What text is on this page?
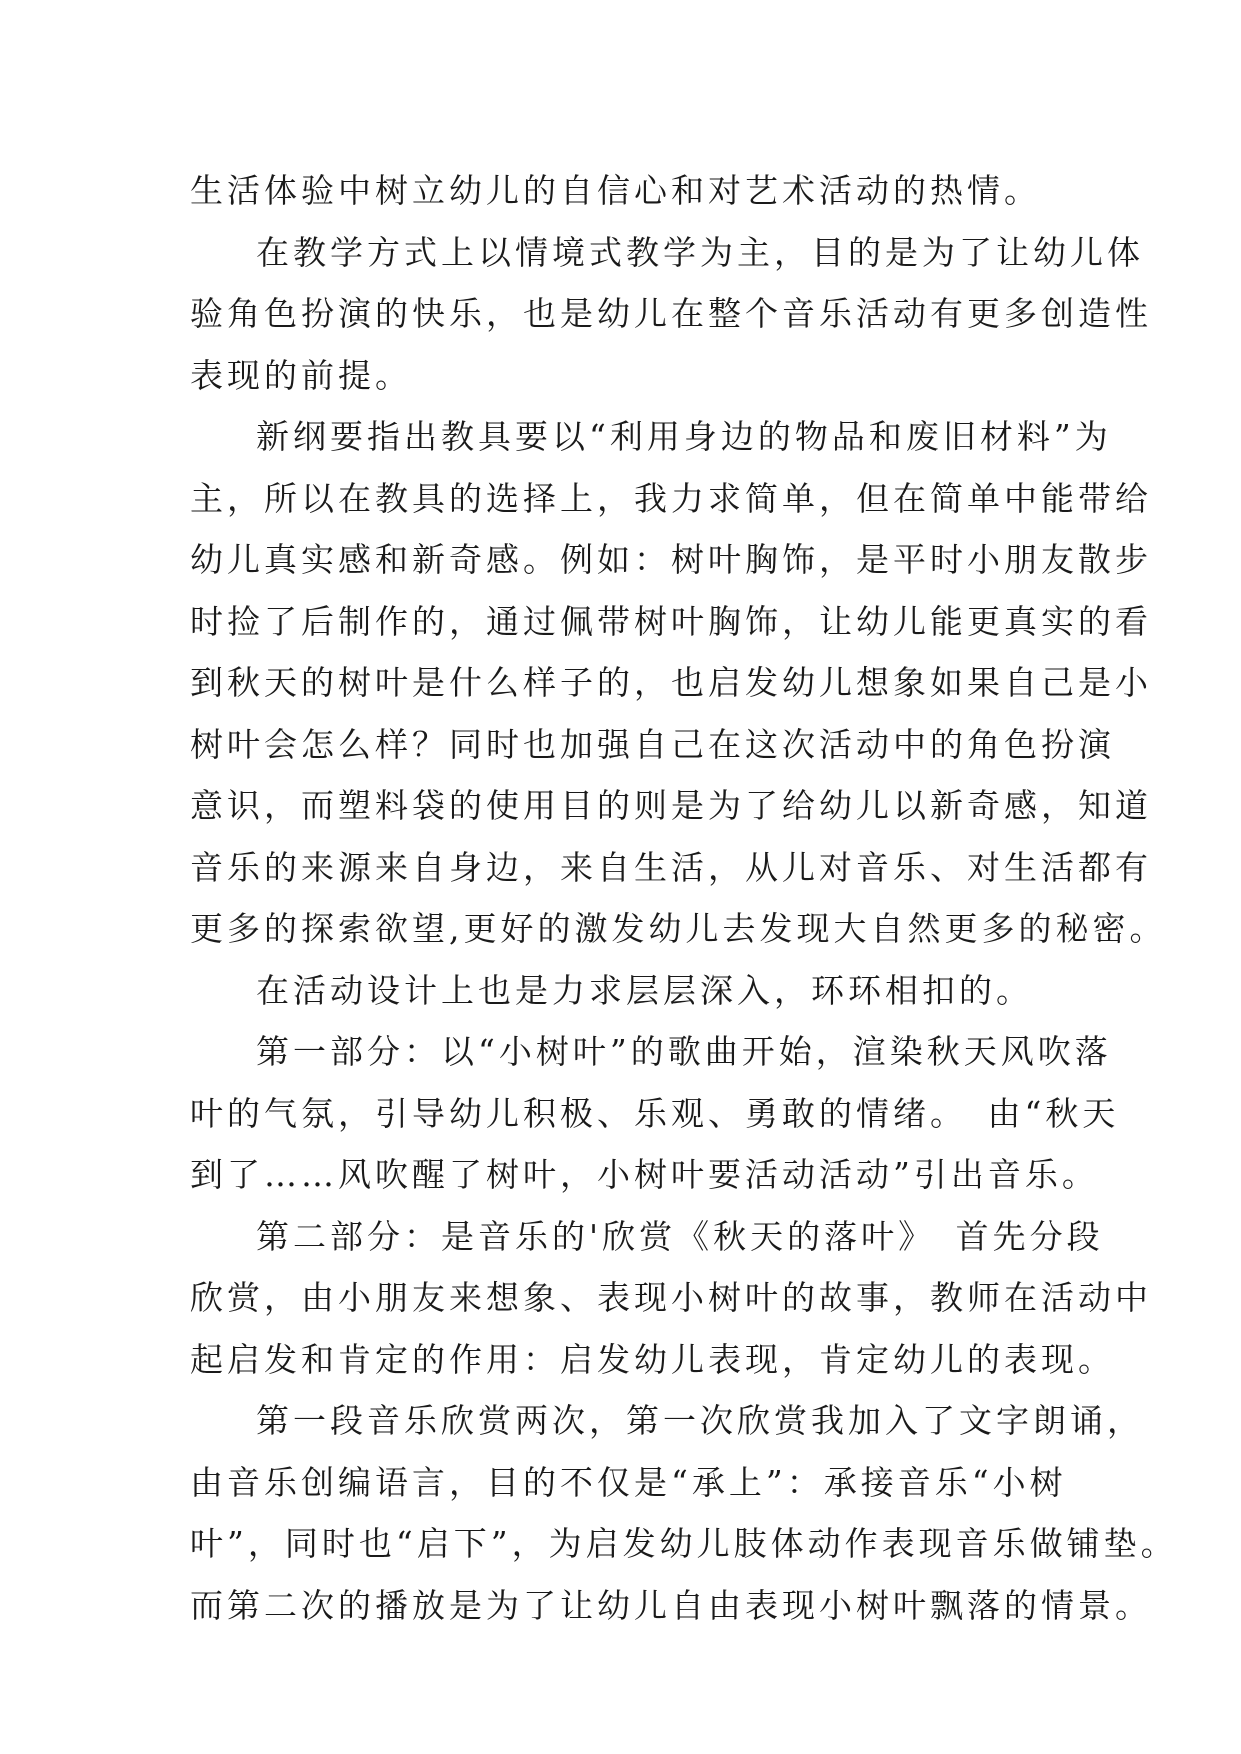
生活体验中树立幼儿的自信心和对艺术活动的热情。
在教学方式上以情境式教学为主，目的是为了让幼儿体
验角色扮演的快乐，也是幼儿在整个音乐活动有更多创造性
表现的前提。
新纲要指出教具要以“利用身边的物品和废旧材料”为
主，所以在教具的选择上，我力求简单，但在简单中能带给
幼儿真实感和新奇感。例如：树叶胸饰，是平时小朋友散步
时捡了后制作的，通过佩带树叶胸饰，让幼儿能更真实的看
到秋天的树叶是什么样子的，也启发幼儿想象如果自己是小
树叶会怎么样？同时也加强自己在这次活动中的角色扮演
意识，而塑料袋的使用目的则是为了给幼儿以新奇感，知道
音乐的来源来自身边，来自生活，从儿对音乐、对生活都有
更多的探索欲望,更好的激发幼儿去发现大自然更多的秘密。
在活动设计上也是力求层层深入，环环相扣的。
第一部分：以“小树叶”的歌曲开始，渲染秋天风吹落
叶的气氛，引导幼儿积极、乐观、勇敢的情绪。　由“秋天
到了……风吹醒了树叶，小树叶要活动活动”引出音乐。
第二部分：是音乐的'欣赏《秋天的落叶》　首先分段
欣赏，由小朋友来想象、表现小树叶的故事，教师在活动中
起启发和肯定的作用：启发幼儿表现，肯定幼儿的表现。
第一段音乐欣赏两次，第一次欣赏我加入了文字朗诵，
由音乐创编语言，目的不仅是“承上”：承接音乐“小树
叶”，同时也“启下”，为启发幼儿肢体动作表现音乐做铺垫。
而第二次的播放是为了让幼儿自由表现小树叶飘落的情景。
